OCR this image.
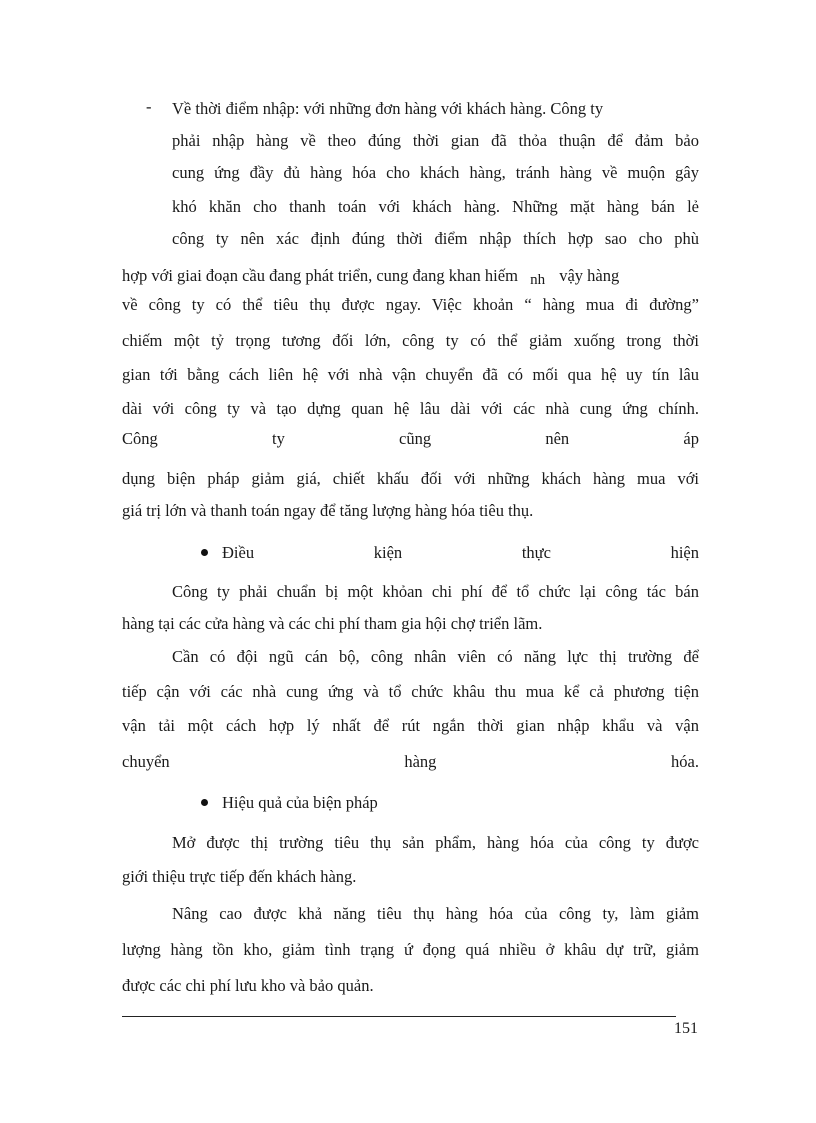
- Về thời điểm nhập: với những đơn hàng với khách hàng. Công ty
phải nhập hàng về theo đúng thời gian đã thỏa thuận để đảm bảo
cung ứng đầy đủ hàng hóa cho khách hàng, tránh hàng về muộn gây
khó khăn cho thanh toán với khách hàng. Những mặt hàng bán lẻ
công ty nên xác định đúng thời điểm nhập thích hợp sao cho phù
hợp với giai đoạn cầu đang phát triển, cung đang khan hiếm nh vậy hàng
về công ty có thể tiêu thụ được ngay. Việc khoản “ hàng mua đi đường”
chiếm một tỷ trọng tương đối lớn, công ty có thể giảm xuống trong thời
gian tới bằng cách liên hệ với nhà vận chuyển đã có mối qua hệ uy tín lâu
dài với công ty và tạo dựng quan hệ lâu dài với các nhà cung ứng chính.
Công	ty	cũng	nên	áp
dụng biện pháp giảm giá, chiết khấu đối với những khách hàng mua với
giá trị lớn và thanh toán ngay để tăng lượng hàng hóa tiêu thụ.
Điều	kiện	thực	hiện
Công ty phải chuẩn bị một khỏan chi phí để tổ chức lại công tác bán
hàng tại các cửa hàng và các chi phí tham gia hội chợ triển lãm.
Cần có đội ngũ cán bộ, công nhân viên có năng lực thị trường để
tiếp cận với các nhà cung ứng và tổ chức khâu thu mua kể cả phương tiện
vận tải một cách hợp lý nhất để rút ngắn thời gian nhập khẩu và vận
chuyển	hàng	hóa.
Hiệu quả của biện pháp
Mở được thị trường tiêu thụ sản phẩm, hàng hóa của công ty được
giới thiệu trực tiếp đến khách hàng.
Nâng cao được khả năng tiêu thụ hàng hóa của công ty, làm giảm
lượng hàng tồn kho, giảm tình trạng ứ đọng quá nhiều ở khâu dự trữ, giảm
được các chi phí lưu kho và bảo quản.
151
